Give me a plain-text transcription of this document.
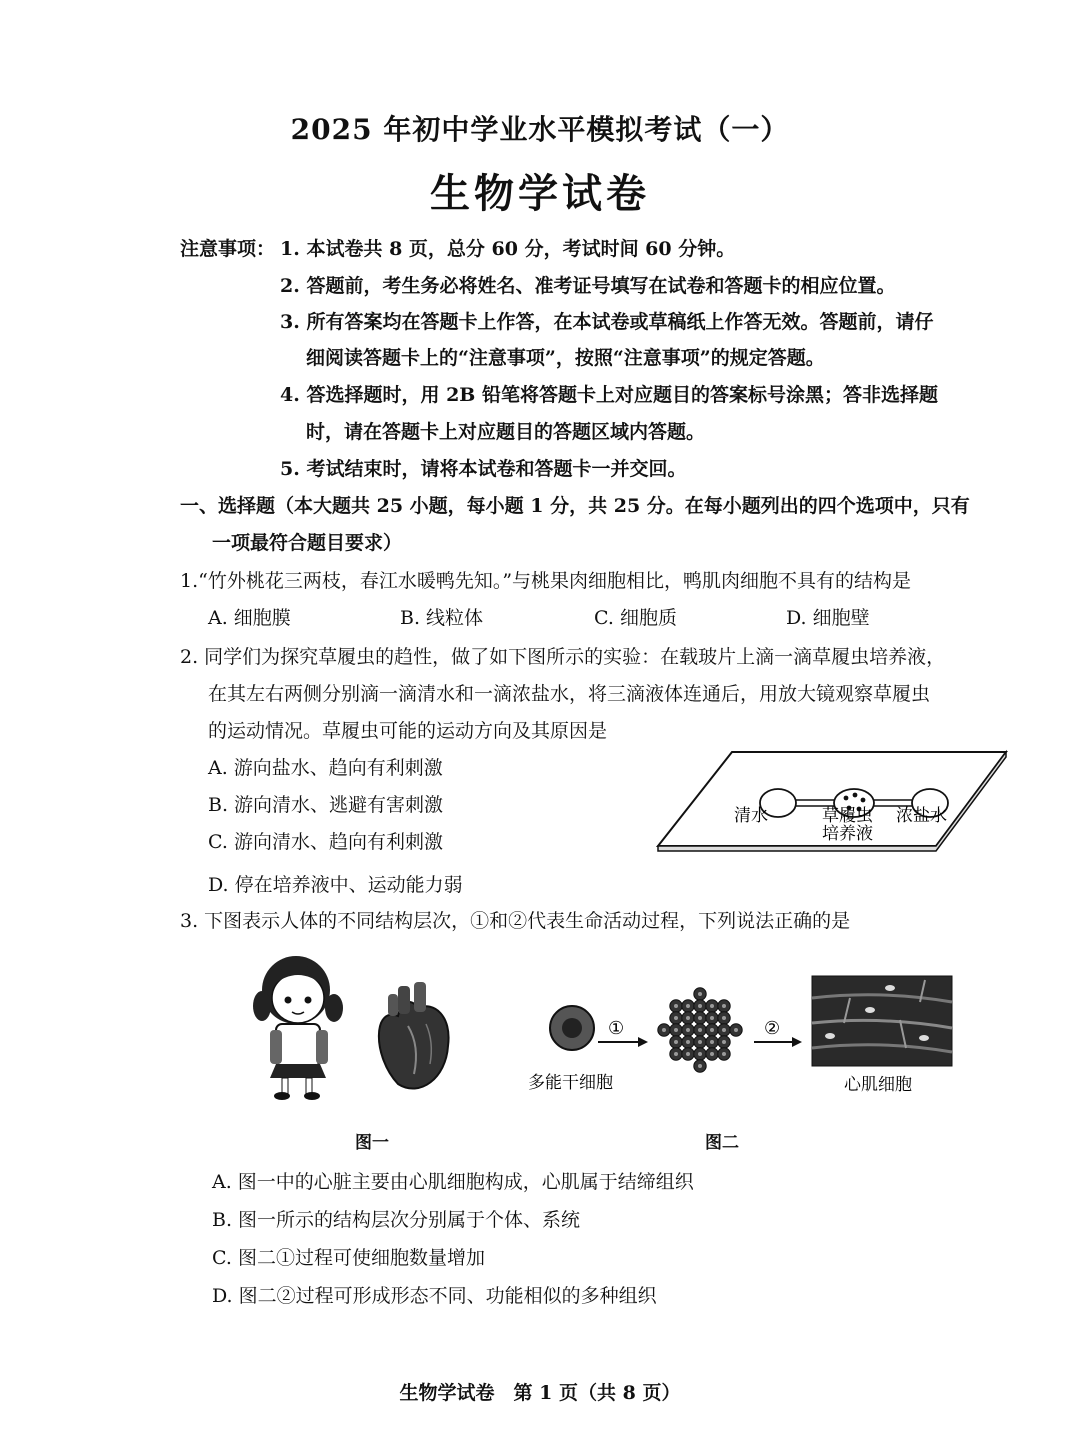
2025 年初中学业水平模拟考试（一）
生物学试卷
注意事项： 1. 本试卷共 8 页，总分 60 分，考试时间 60 分钟。
2. 答题前，考生务必将姓名、准考证号填写在试卷和答题卡的相应位置。
3. 所有答案均在答题卡上作答，在本试卷或草稿纸上作答无效。答题前，请仔
细阅读答题卡上的“注意事项”，按照“注意事项”的规定答题。
4. 答选择题时，用 2B 铅笔将答题卡上对应题目的答案标号涂黑；答非选择题
时，请在答题卡上对应题目的答题区域内答题。
5. 考试结束时，请将本试卷和答题卡一并交回。
一、选择题（本大题共 25 小题，每小题 1 分，共 25 分。在每小题列出的四个选项中，只有
一项最符合题目要求）
1.“竹外桃花三两枝，春江水暖鸭先知。”与桃果肉细胞相比，鸭肌肉细胞不具有的结构是
A. 细胞膜	B. 线粒体	C. 细胞质	D. 细胞壁
2. 同学们为探究草履虫的趋性，做了如下图所示的实验：在载玻片上滴一滴草履虫培养液，
在其左右两侧分别滴一滴清水和一滴浓盐水，将三滴液体连通后，用放大镜观察草履虫
的运动情况。草履虫可能的运动方向及其原因是
A. 游向盐水、趋向有利刺激
B. 游向清水、逃避有害刺激
C. 游向清水、趋向有利刺激
D. 停在培养液中、运动能力弱
清水	草履虫
培养液
浓盐水
3. 下图表示人体的不同结构层次，①和②代表生命活动过程，下列说法正确的是
图一
①	②
多能干细胞	心肌细胞
图二
A. 图一中的心脏主要由心肌细胞构成，心肌属于结缔组织
B. 图一所示的结构层次分别属于个体、系统
C. 图二①过程可使细胞数量增加
D. 图二②过程可形成形态不同、功能相似的多种组织
生物学试卷　第 1 页（共 8 页）
